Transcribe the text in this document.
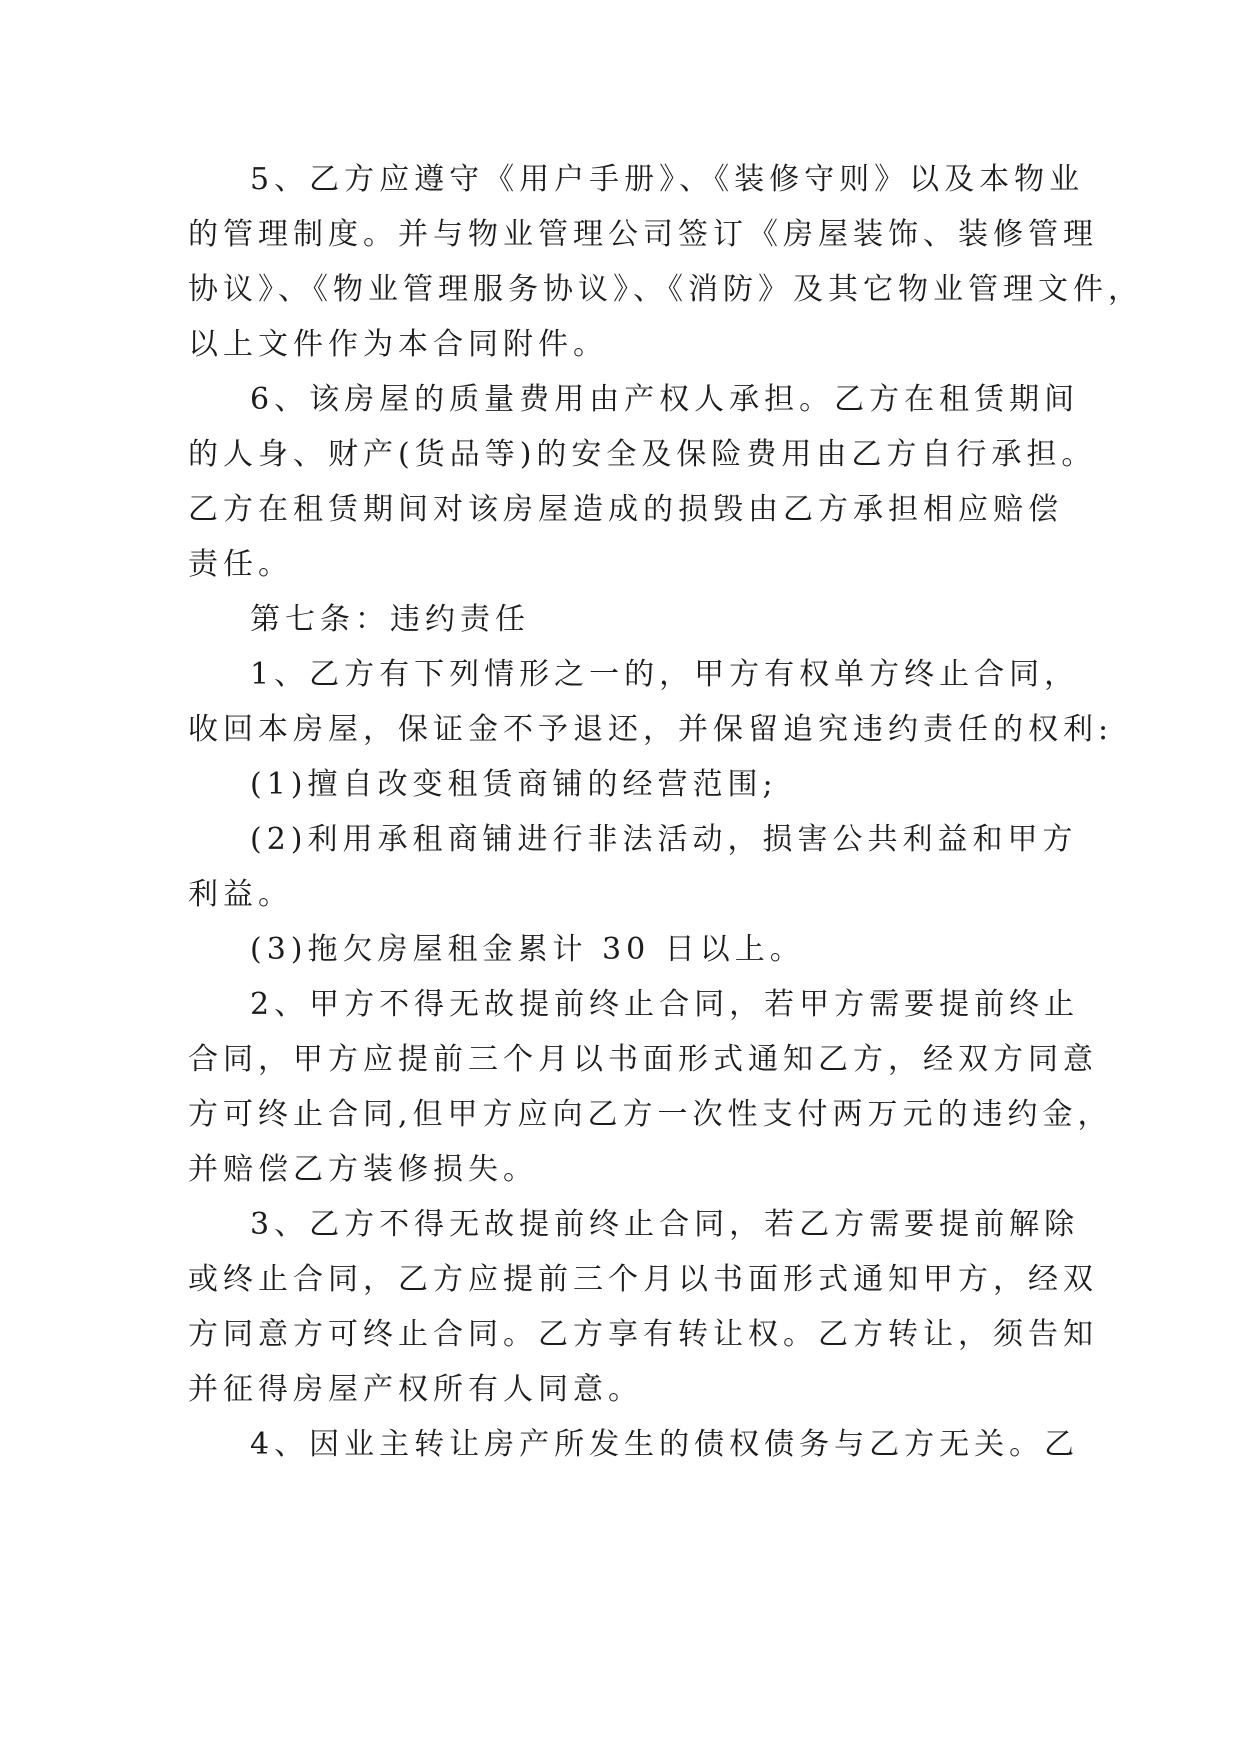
5、乙方应遵守《用户手册》、《装修守则》以及本物业
的管理制度。并与物业管理公司签订《房屋装饰、装修管理
协议》、《物业管理服务协议》、《消防》及其它物业管理文件，
以上文件作为本合同附件。
6、该房屋的质量费用由产权人承担。乙方在租赁期间
的人身、财产(货品等)的安全及保险费用由乙方自行承担。
乙方在租赁期间对该房屋造成的损毁由乙方承担相应赔偿
责任。
第七条：违约责任
1、乙方有下列情形之一的，甲方有权单方终止合同，
收回本房屋，保证金不予退还，并保留追究违约责任的权利:
(1)擅自改变租赁商铺的经营范围;
(2)利用承租商铺进行非法活动，损害公共利益和甲方
利益。
(3)拖欠房屋租金累计 30 日以上。
2、甲方不得无故提前终止合同，若甲方需要提前终止
合同，甲方应提前三个月以书面形式通知乙方，经双方同意
方可终止合同,但甲方应向乙方一次性支付两万元的违约金，
并赔偿乙方装修损失。
3、乙方不得无故提前终止合同，若乙方需要提前解除
或终止合同，乙方应提前三个月以书面形式通知甲方，经双
方同意方可终止合同。乙方享有转让权。乙方转让，须告知
并征得房屋产权所有人同意。
4、因业主转让房产所发生的债权债务与乙方无关。乙
